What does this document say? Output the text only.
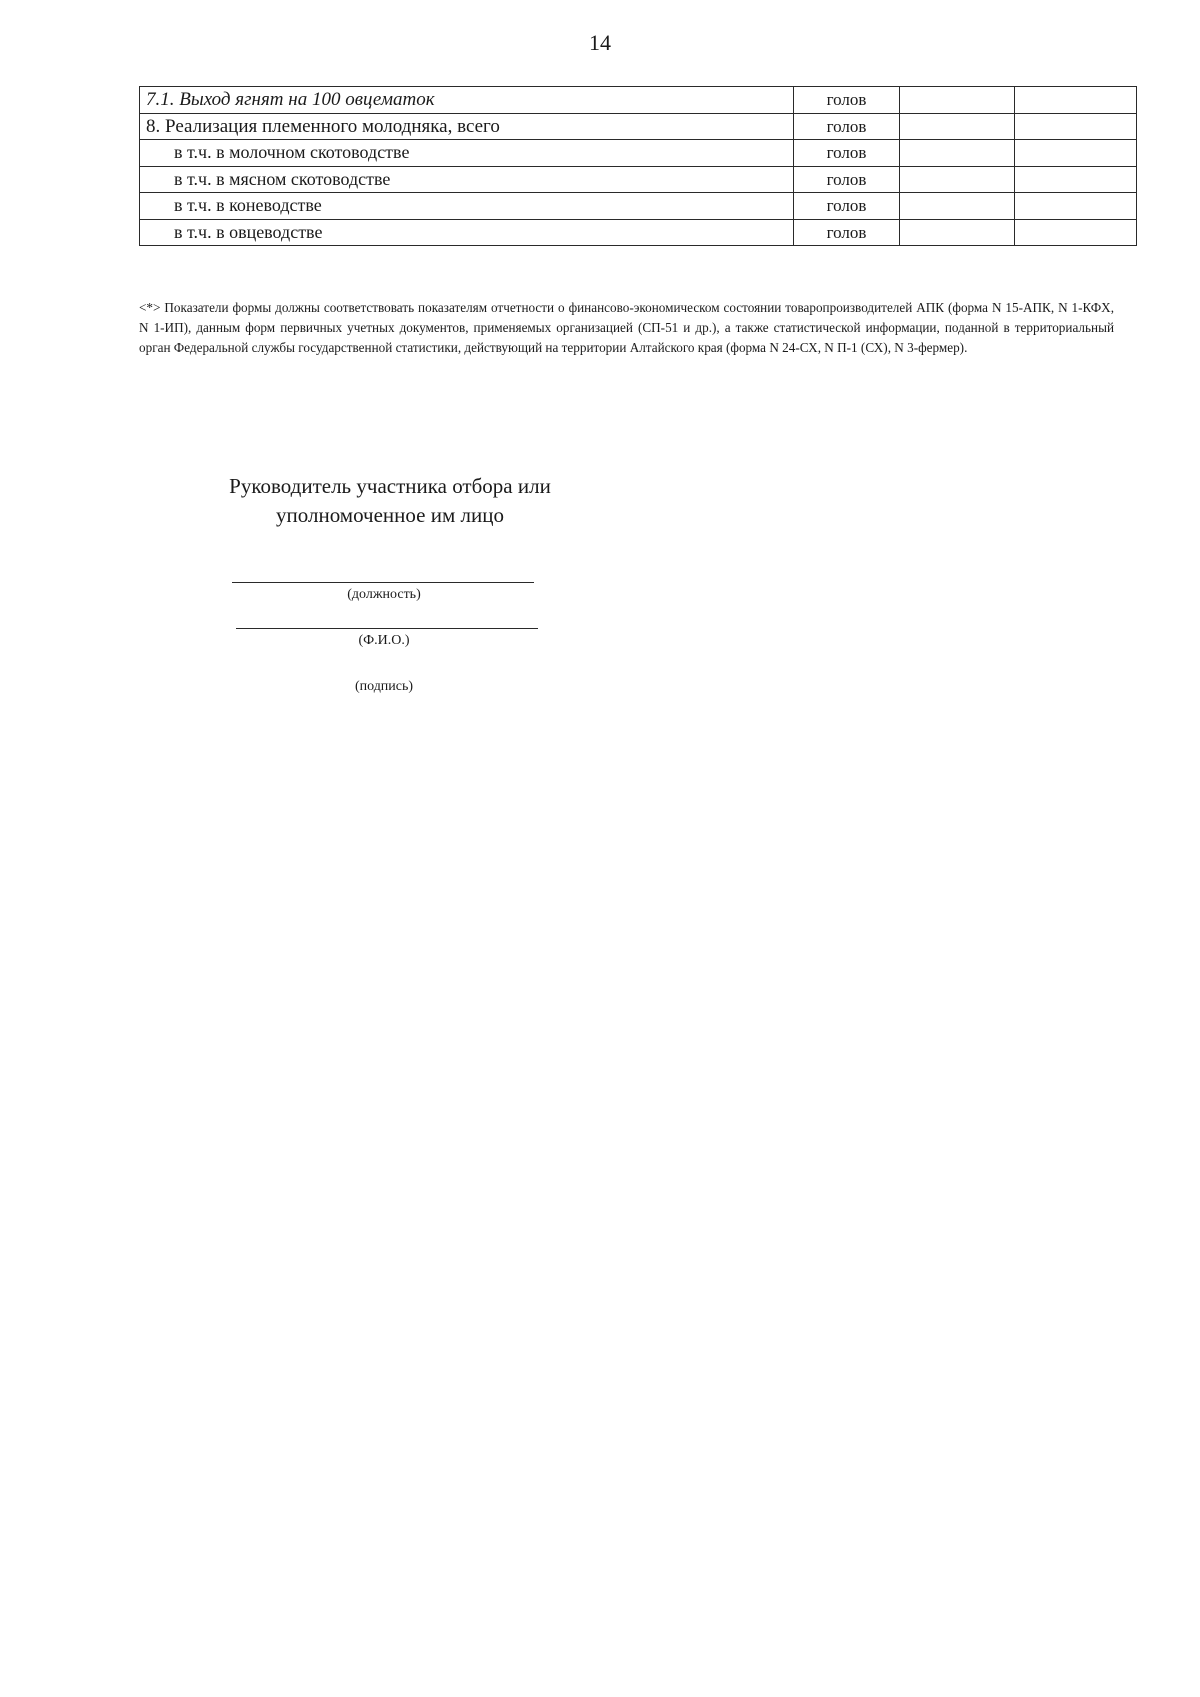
14
7.1. Выход ягнят на 100 овцематок	голов		
8. Реализация племенного молодняка, всего	голов		
в т.ч. в молочном скотоводстве	голов		
в т.ч. в мясном скотоводстве	голов		
в т.ч. в коневодстве	голов		
в т.ч. в овцеводстве	голов		
<*> Показатели формы должны соответствовать показателям отчетности о финансово-экономическом состоянии товаропроизводителей АПК (форма N 15-АПК, N 1-КФХ, N 1-ИП), данным форм первичных учетных документов, применяемых организацией (СП-51 и др.), а также статистической информации, поданной в территориальный орган Федеральной службы государственной статистики, действующий на территории Алтайского края (форма N 24-СХ, N П-1 (СХ), N 3-фермер).
Руководитель участника отбора или
уполномоченное им лицо
(должность)
(Ф.И.О.)
(подпись)
